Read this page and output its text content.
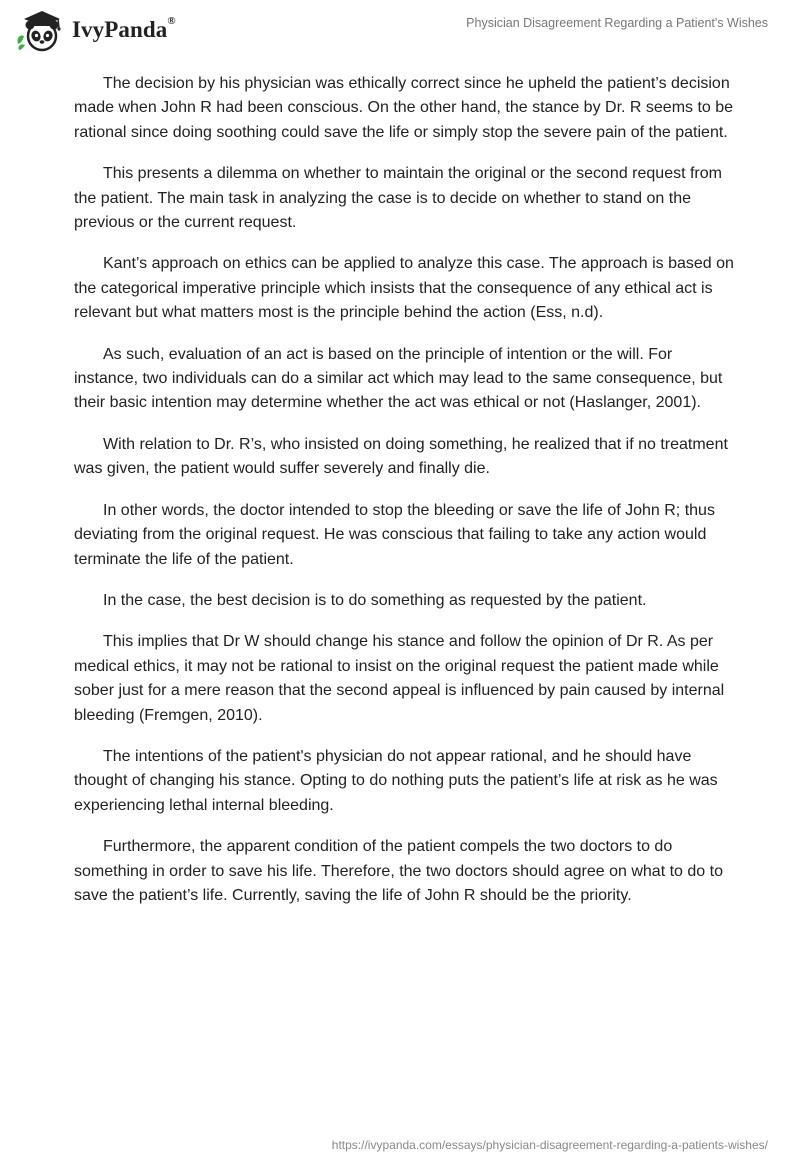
IvyPanda®	Physician Disagreement Regarding a Patient's Wishes

The decision by his physician was ethically correct since he upheld the patient’s decision made when John R had been conscious. On the other hand, the stance by Dr. R seems to be rational since doing soothing could save the life or simply stop the severe pain of the patient.

This presents a dilemma on whether to maintain the original or the second request from the patient. The main task in analyzing the case is to decide on whether to stand on the previous or the current request.

Kant’s approach on ethics can be applied to analyze this case. The approach is based on the categorical imperative principle which insists that the consequence of any ethical act is relevant but what matters most is the principle behind the action (Ess, n.d).

As such, evaluation of an act is based on the principle of intention or the will. For instance, two individuals can do a similar act which may lead to the same consequence, but their basic intention may determine whether the act was ethical or not (Haslanger, 2001).

With relation to Dr. R’s, who insisted on doing something, he realized that if no treatment was given, the patient would suffer severely and finally die.

In other words, the doctor intended to stop the bleeding or save the life of John R; thus deviating from the original request. He was conscious that failing to take any action would terminate the life of the patient.

In the case, the best decision is to do something as requested by the patient.

This implies that Dr W should change his stance and follow the opinion of Dr R. As per medical ethics, it may not be rational to insist on the original request the patient made while sober just for a mere reason that the second appeal is influenced by pain caused by internal bleeding (Fremgen, 2010).

The intentions of the patient's physician do not appear rational, and he should have thought of changing his stance. Opting to do nothing puts the patient’s life at risk as he was experiencing lethal internal bleeding.

Furthermore, the apparent condition of the patient compels the two doctors to do something in order to save his life. Therefore, the two doctors should agree on what to do to save the patient’s life. Currently, saving the life of John R should be the priority.

https://ivypanda.com/essays/physician-disagreement-regarding-a-patients-wishes/
